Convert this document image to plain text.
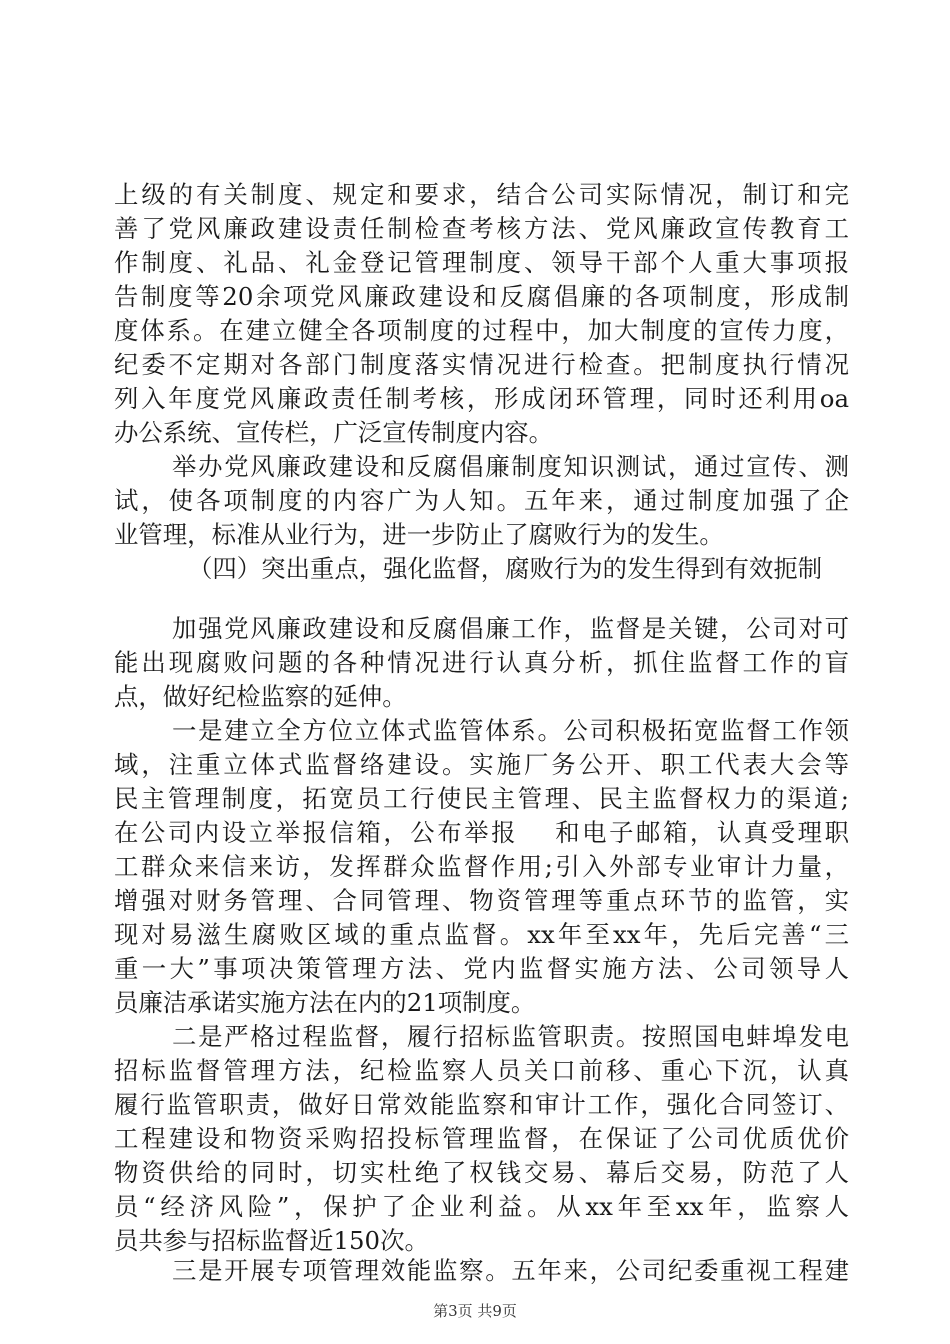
上级的有关制度、规定和要求，结合公司实际情况，制订和完
善了党风廉政建设责任制检查考核方法、党风廉政宣传教育工
作制度、礼品、礼金登记管理制度、领导干部个人重大事项报
告制度等20余项党风廉政建设和反腐倡廉的各项制度，形成制
度体系。在建立健全各项制度的过程中，加大制度的宣传力度，
纪委不定期对各部门制度落实情况进行检查。把制度执行情况
列入年度党风廉政责任制考核，形成闭环管理，同时还利用oa
办公系统、宣传栏，广泛宣传制度内容。
举办党风廉政建设和反腐倡廉制度知识测试，通过宣传、测
试，使各项制度的内容广为人知。五年来，通过制度加强了企
业管理，标准从业行为，进一步防止了腐败行为的发生。
（四）突出重点，强化监督，腐败行为的发生得到有效扼制
加强党风廉政建设和反腐倡廉工作，监督是关键，公司对可
能出现腐败问题的各种情况进行认真分析，抓住监督工作的盲
点，做好纪检监察的延伸。
一是建立全方位立体式监管体系。公司积极拓宽监督工作领
域，注重立体式监督络建设。实施厂务公开、职工代表大会等
民主管理制度，拓宽员工行使民主管理、民主监督权力的渠道;
在公司内设立举报信箱，公布举报　 和电子邮箱，认真受理职
工群众来信来访，发挥群众监督作用;引入外部专业审计力量，
增强对财务管理、合同管理、物资管理等重点环节的监管，实
现对易滋生腐败区域的重点监督。xx年至xx年，先后完善“三
重一大”事项决策管理方法、党内监督实施方法、公司领导人
员廉洁承诺实施方法在内的21项制度。
二是严格过程监督，履行招标监管职责。按照国电蚌埠发电
招标监督管理方法，纪检监察人员关口前移、重心下沉，认真
履行监管职责，做好日常效能监察和审计工作，强化合同签订、
工程建设和物资采购招投标管理监督，在保证了公司优质优价
物资供给的同时，切实杜绝了权钱交易、幕后交易，防范了人
员“经济风险”，保护了企业利益。从xx年至xx年，监察人
员共参与招标监督近150次。
第3页 共9页
三是开展专项管理效能监察。五年来，公司纪委重视工程建
